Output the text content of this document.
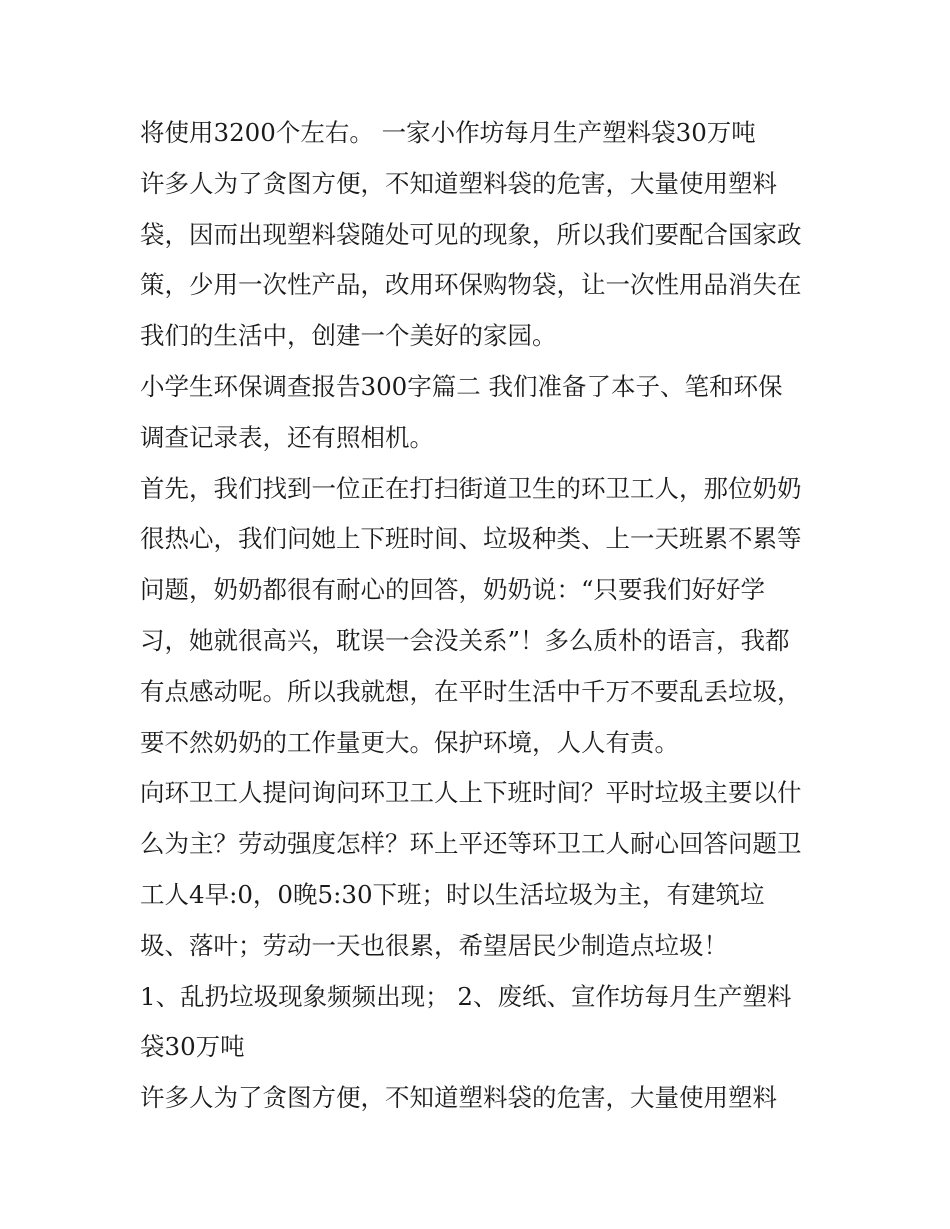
将使用3200个左右。 一家小作坊每月生产塑料袋30万吨
许多人为了贪图方便，不知道塑料袋的危害，大量使用塑料
袋，因而出现塑料袋随处可见的现象，所以我们要配合国家政
策，少用一次性产品，改用环保购物袋，让一次性用品消失在
我们的生活中，创建一个美好的家园。
小学生环保调查报告300字篇二 我们准备了本子、笔和环保
调查记录表，还有照相机。
首先，我们找到一位正在打扫街道卫生的环卫工人，那位奶奶
很热心，我们问她上下班时间、垃圾种类、上一天班累不累等
问题，奶奶都很有耐心的回答，奶奶说：“只要我们好好学
习，她就很高兴，耽误一会没关系”！多么质朴的语言，我都
有点感动呢。所以我就想，在平时生活中千万不要乱丢垃圾，
要不然奶奶的工作量更大。保护环境，人人有责。
向环卫工人提问询问环卫工人上下班时间？平时垃圾主要以什
么为主？劳动强度怎样？环上平还等环卫工人耐心回答问题卫
工人4早:0，0晚5:30下班；时以生活垃圾为主，有建筑垃
圾、落叶；劳动一天也很累，希望居民少制造点垃圾！
1、乱扔垃圾现象频频出现； 2、废纸、宣作坊每月生产塑料
袋30万吨
许多人为了贪图方便，不知道塑料袋的危害，大量使用塑料
